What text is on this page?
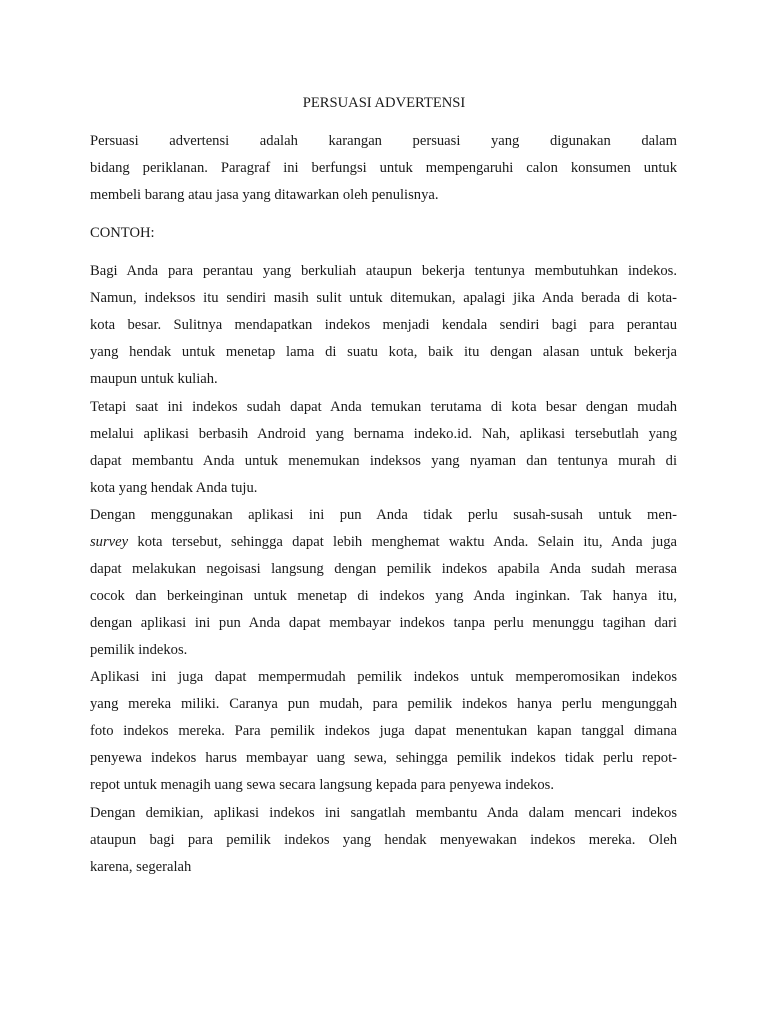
PERSUASI ADVERTENSI
Persuasi advertensi adalah karangan persuasi yang digunakan dalam
bidang periklanan. Paragraf ini berfungsi untuk mempengaruhi calon konsumen untuk
membeli barang atau jasa yang ditawarkan oleh penulisnya.
CONTOH:
Bagi Anda para perantau yang berkuliah ataupun bekerja tentunya membutuhkan indekos.
Namun, indeksos itu sendiri masih sulit untuk ditemukan, apalagi jika Anda berada di kota-
kota besar. Sulitnya mendapatkan indekos menjadi kendala sendiri bagi para perantau
yang hendak untuk menetap lama di suatu kota, baik itu dengan alasan untuk bekerja
maupun untuk kuliah.
Tetapi saat ini indekos sudah dapat Anda temukan terutama di kota besar dengan mudah
melalui aplikasi berbasih Android yang bernama indeko.id. Nah, aplikasi tersebutlah yang
dapat membantu Anda untuk menemukan indeksos yang nyaman dan tentunya murah di
kota yang hendak Anda tuju.
Dengan menggunakan aplikasi ini pun Anda tidak perlu susah-susah untuk men-
survey kota tersebut, sehingga dapat lebih menghemat waktu Anda. Selain itu, Anda juga
dapat melakukan negoisasi langsung dengan pemilik indekos apabila Anda sudah merasa
cocok dan berkeinginan untuk menetap di indekos yang Anda inginkan. Tak hanya itu,
dengan aplikasi ini pun Anda dapat membayar indekos tanpa perlu menunggu tagihan dari
pemilik indekos.
Aplikasi ini juga dapat mempermudah pemilik indekos untuk memperomosikan indekos
yang mereka miliki. Caranya pun mudah, para pemilik indekos hanya perlu mengunggah
foto indekos mereka. Para pemilik indekos juga dapat menentukan kapan tanggal dimana
penyewa indekos harus membayar uang sewa, sehingga pemilik indekos tidak perlu repot-
repot untuk menagih uang sewa secara langsung kepada para penyewa indekos.
Dengan demikian, aplikasi indekos ini sangatlah membantu Anda dalam mencari indekos
ataupun bagi para pemilik indekos yang hendak menyewakan indekos mereka. Oleh
karena, segeralah
